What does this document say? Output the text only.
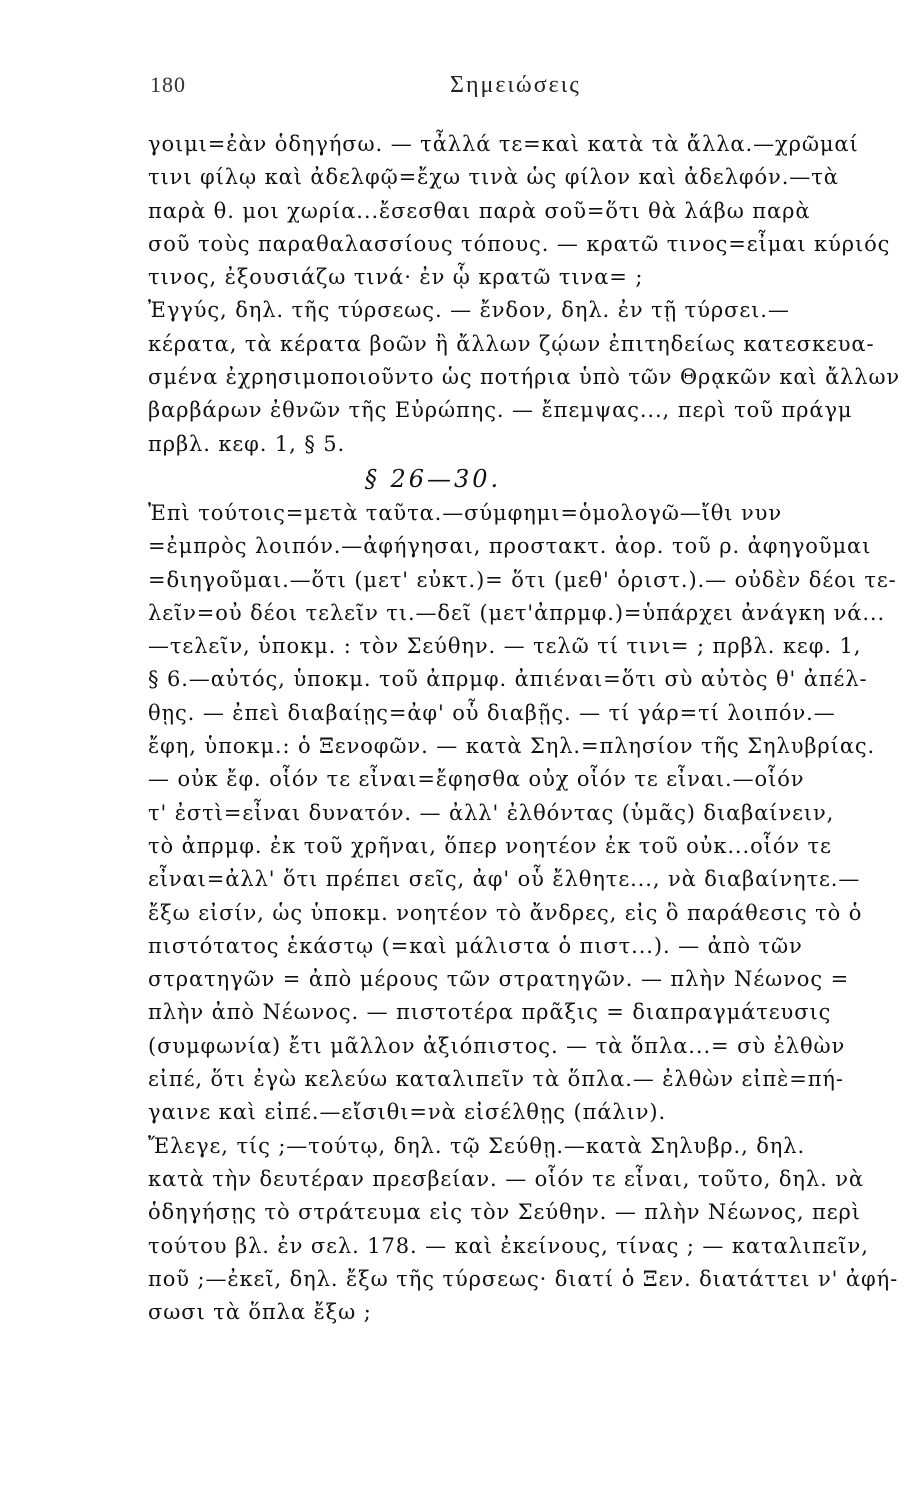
180	Σημειώσεις
γοιμι=ἐὰν ὁδηγήσω. — τἆλλά τε=καὶ κατὰ τὰ ἄλλα.—χρῶμαί
τινι φίλῳ καὶ ἀδελφῷ=ἔχω τινὰ ὡς φίλον καὶ ἀδελφόν.—τὰ
παρὰ θ. μοι χωρία...ἔσεσθαι παρὰ σοῦ=ὅτι θὰ λάβω παρὰ
σοῦ τοὺς παραθαλασσίους τόπους. — κρατῶ τινος=εἶμαι κύριός
τινος, ἐξουσιάζω τινά· ἐν ᾧ κρατῶ τινα= ;
Ἐγγύς, δηλ. τῆς τύρσεως. — ἔνδον, δηλ. ἐν τῇ τύρσει.—
κέρατα, τὰ κέρατα βοῶν ἢ ἄλλων ζῴων ἐπιτηδείως κατεσκευα-
σμένα ἐχρησιμοποιοῦντο ὡς ποτήρια ὑπὸ τῶν Θρᾳκῶν καὶ ἄλλων
βαρβάρων ἐθνῶν τῆς Εὐρώπης. — ἔπεμψας..., περὶ τοῦ πράγμ
πρβλ. κεφ. 1, § 5.
§ 26—30.
Ἐπὶ τούτοις=μετὰ ταῦτα.—σύμφημι=ὁμολογῶ—ἴθι νυν
=ἐμπρὸς λοιπόν.—ἀφήγησαι, προστακτ. ἀορ. τοῦ ρ. ἀφηγοῦμαι
=διηγοῦμαι.—ὅτι (μετ' εὐκτ.)= ὅτι (μεθ' ὁριστ.).— οὐδὲν δέοι τε-
λεῖν=οὐ δέοι τελεῖν τι.—δεῖ (μετ'ἀπρμφ.)=ὑπάρχει ἀνάγκη νά...
—τελεῖν, ὑποκμ. : τὸν Σεύθην. — τελῶ τί τινι= ; πρβλ. κεφ. 1,
§ 6.—αὐτός, ὑποκμ. τοῦ ἀπρμφ. ἀπιέναι=ὅτι σὺ αὐτὸς θ' ἀπέλ-
θῃς. — ἐπεὶ διαβαίῃς=ἀφ' οὗ διαβῇς. — τί γάρ=τί λοιπόν.—
ἔφη, ὑποκμ.: ὁ Ξενοφῶν. — κατὰ Σηλ.=πλησίον τῆς Σηλυβρίας.
— οὐκ ἔφ. οἷόν τε εἶναι=ἔφησθα οὐχ οἷόν τε εἶναι.—οἷόν
τ' ἐστὶ=εἶναι δυνατόν. — ἀλλ' ἐλθόντας (ὑμᾶς) διαβαίνειν,
τὸ ἀπρμφ. ἐκ τοῦ χρῆναι, ὅπερ νοητέον ἐκ τοῦ οὐκ...οἷόν τε
εἶναι=ἀλλ' ὅτι πρέπει σεῖς, ἀφ' οὗ ἔλθητε..., νὰ διαβαίνητε.—
ἔξω εἰσίν, ὡς ὑποκμ. νοητέον τὸ ἄνδρες, εἰς ὃ παράθεσις τὸ ὁ
πιστότατος ἑκάστῳ (=καὶ μάλιστα ὁ πιστ...). — ἀπὸ τῶν
στρατηγῶν = ἀπὸ μέρους τῶν στρατηγῶν. — πλὴν Νέωνος =
πλὴν ἀπὸ Νέωνος. — πιστοτέρα πρᾶξις = διαπραγμάτευσις
(συμφωνία) ἔτι μᾶλλον ἀξιόπιστος. — τὰ ὅπλα...= σὺ ἐλθὼν
εἰπέ, ὅτι ἐγὼ κελεύω καταλιπεῖν τὰ ὅπλα.— ἐλθὼν εἰπὲ=πή-
γαινε καὶ εἰπέ.—εἴσιθι=νὰ εἰσέλθῃς (πάλιν).
Ἔλεγε, τίς ;—τούτῳ, δηλ. τῷ Σεύθῃ.—κατὰ Σηλυβρ., δηλ.
κατὰ τὴν δευτέραν πρεσβείαν. — οἷόν τε εἶναι, τοῦτο, δηλ. νὰ
ὁδηγήσῃς τὸ στράτευμα εἰς τὸν Σεύθην. — πλὴν Νέωνος, περὶ
τούτου βλ. ἐν σελ. 178. — καὶ ἐκείνους, τίνας ; — καταλιπεῖν,
ποῦ ;—ἐκεῖ, δηλ. ἔξω τῆς τύρσεως· διατί ὁ Ξεν. διατάττει ν' ἀφή-
σωσι τὰ ὅπλα ἔξω ;
